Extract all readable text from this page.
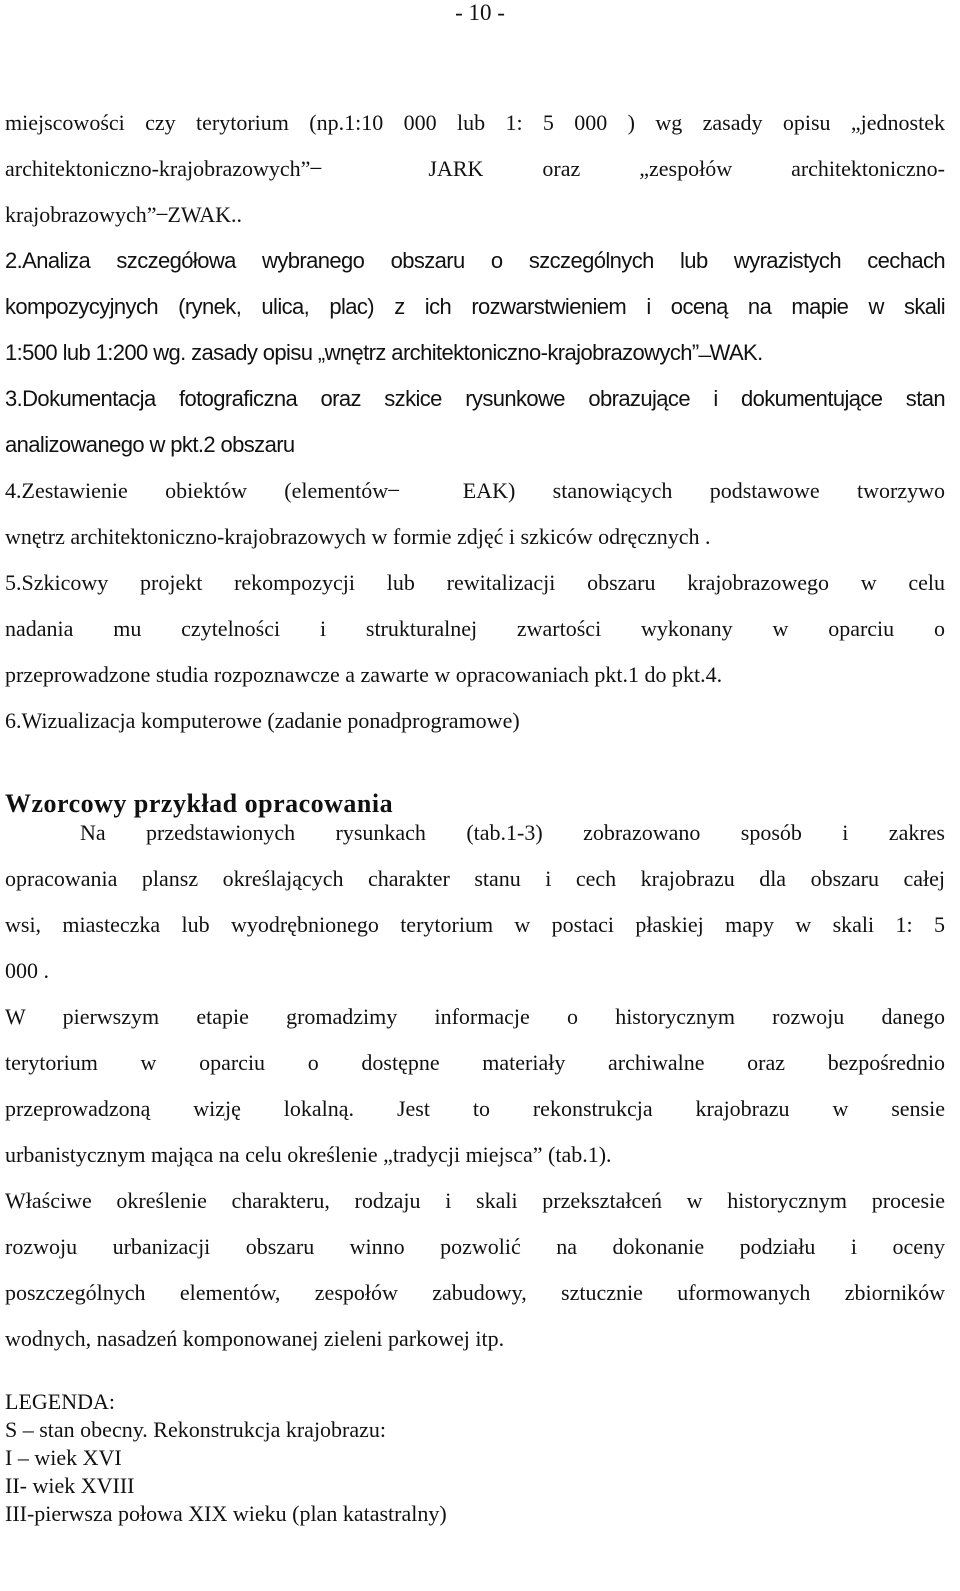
- 10 -
miejscowości czy terytorium (np.1:10 000 lub 1: 5 000 ) wg zasady opisu „jednostek
architektoniczno-krajobrazowych” ̶ JARK oraz „zespołów architektoniczno-
krajobrazowych” ̶ ZWAK..
2.Analiza szczegółowa wybranego obszaru o szczególnych lub wyrazistych cechach
kompozycyjnych (rynek, ulica, plac) z ich rozwarstwieniem i oceną na mapie w skali
1:500 lub 1:200 wg. zasady opisu „wnętrz architektoniczno-krajobrazowych” ̶ WAK.
3.Dokumentacja fotograficzna oraz szkice rysunkowe obrazujące i dokumentujące stan
analizowanego w pkt.2 obszaru
4.Zestawienie obiektów (elementów ̶ EAK) stanowiących podstawowe tworzywo
wnętrz architektoniczno-krajobrazowych w formie zdjęć i szkiców odręcznych .
5.Szkicowy projekt rekompozycji lub rewitalizacji obszaru krajobrazowego w celu
nadania mu czytelności i strukturalnej zwartości wykonany w oparciu o
przeprowadzone studia rozpoznawcze a zawarte w opracowaniach pkt.1 do pkt.4.
6.Wizualizacja komputerowe (zadanie ponadprogramowe)
Wzorcowy przykład opracowania
Na przedstawionych rysunkach (tab.1-3) zobrazowano sposób i zakres
opracowania plansz określających charakter stanu i cech krajobrazu dla obszaru całej
wsi, miasteczka lub wyodrębnionego terytorium w postaci płaskiej mapy w skali 1: 5
000 .
W pierwszym etapie gromadzimy informacje o historycznym rozwoju danego
terytorium w oparciu o dostępne materiały archiwalne oraz bezpośrednio
przeprowadzoną wizję lokalną. Jest to rekonstrukcja krajobrazu w sensie
urbanistycznym mająca na celu określenie „tradycji miejsca” (tab.1).
Właściwe określenie charakteru, rodzaju i skali przekształceń w historycznym procesie
rozwoju urbanizacji obszaru winno pozwolić na dokonanie podziału i oceny
poszczególnych elementów, zespołów zabudowy, sztucznie uformowanych zbiorników
wodnych, nasadzeń komponowanej zieleni parkowej itp.
LEGENDA:
S – stan obecny. Rekonstrukcja krajobrazu:
I – wiek XVI
II- wiek XVIII
III-pierwsza połowa XIX wieku (plan katastralny)
